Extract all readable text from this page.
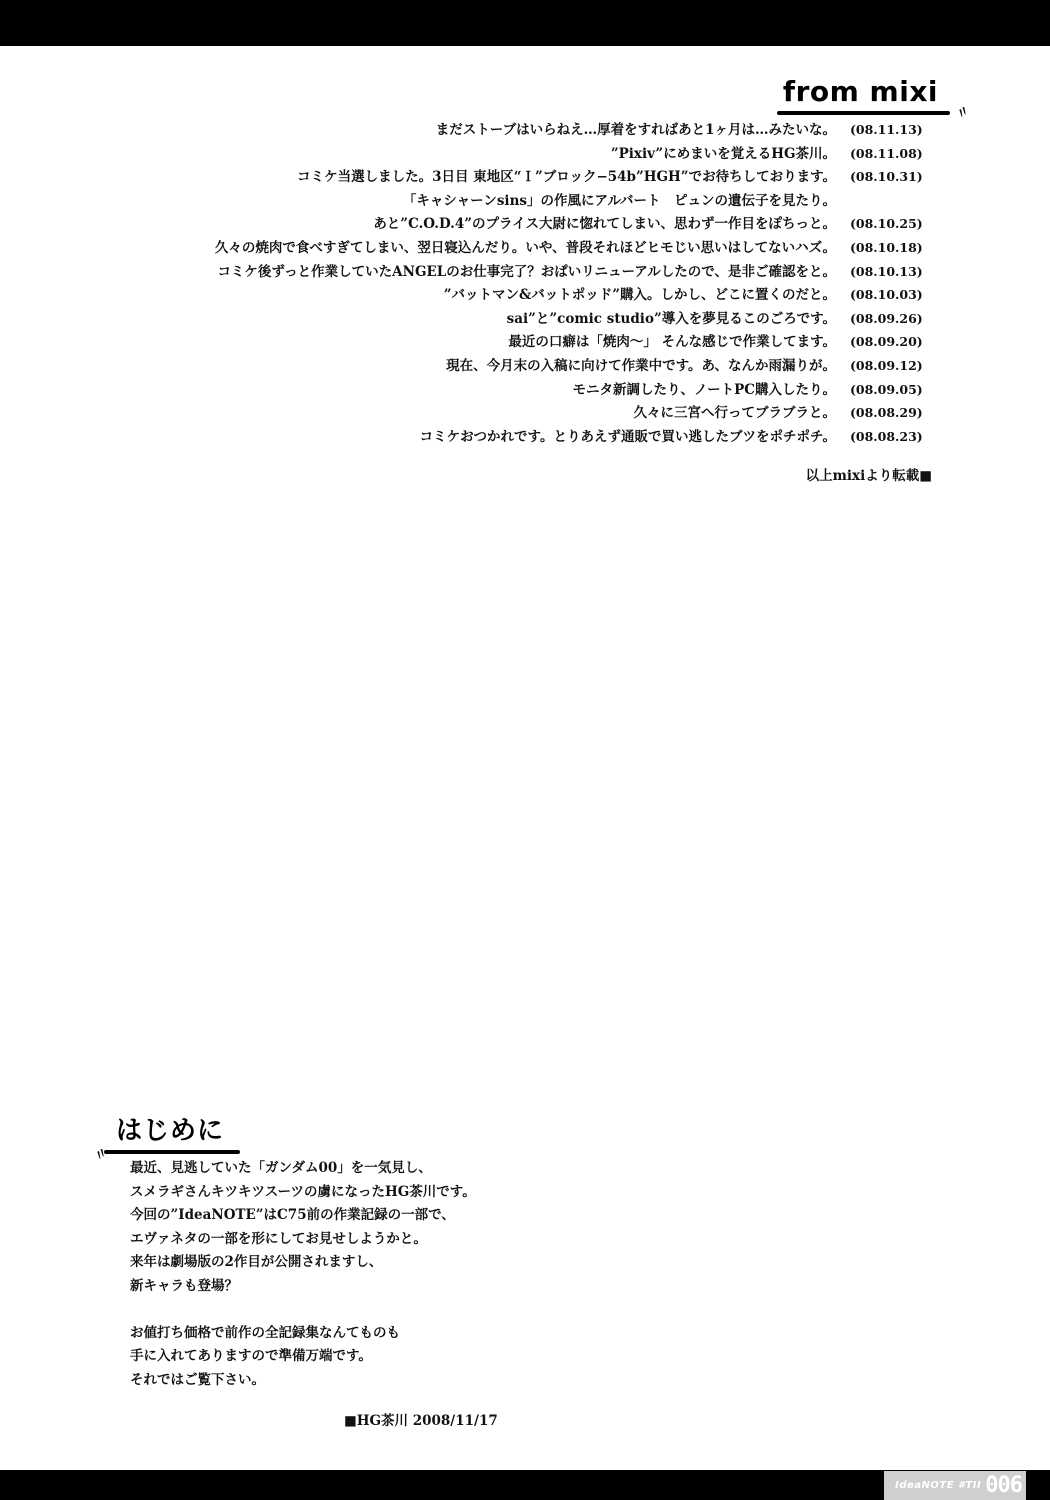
from mixi
〃
まだストーブはいらねえ…厚着をすればあと1ヶ月は…みたいな。 (08.11.13)
”Pixiv”にめまいを覚えるHG茶川。 (08.11.08)
コミケ当選しました。3日目 東地区“Ｉ”ブロック−54b”HGH”でお待ちしております。 (08.10.31)
「キャシャーンsins」の作風にアルバート　ピュンの遺伝子を見たり。
あと”C.O.D.4”のプライス大尉に惚れてしまい、思わず一作目をぽちっと。 (08.10.25)
久々の焼肉で食べすぎてしまい、翌日寝込んだり。いや、普段それほどヒモじい思いはしてないハズ。 (08.10.18)
コミケ後ずっと作業していたANGELのお仕事完了？おぱいリニューアルしたので、是非ご確認をと。 (08.10.13)
”バットマン&バットポッド”購入。しかし、どこに置くのだと。 (08.10.03)
sai”と”comic studio”導入を夢見るこのごろです。 (08.09.26)
最近の口癖は「焼肉〜」 そんな感じで作業してます。 (08.09.20)
現在、今月末の入稿に向けて作業中です。あ、なんか雨漏りが。 (08.09.12)
モニタ新調したり、ノートPC購入したり。 (08.09.05)
久々に三宮へ行ってブラブラと。 (08.08.29)
コミケおつかれです。とりあえず通販で買い逃したブツをポチポチ。 (08.08.23)
以上mixiより転載■
はじめに
〃
最近、見逃していた「ガンダム00」を一気見し、
スメラギさんキツキツスーツの虜になったHG茶川です。
今回の”IdeaNOTE”はC75前の作業記録の一部で、
エヴァネタの一部を形にしてお見せしようかと。
来年は劇場版の2作目が公開されますし、
新キャラも登場？
お値打ち価格で前作の全記録集なんてものも
手に入れてありますので準備万端です。
それではご覧下さい。
■HG茶川 2008/11/17
IdeaNOTE #TII 006
